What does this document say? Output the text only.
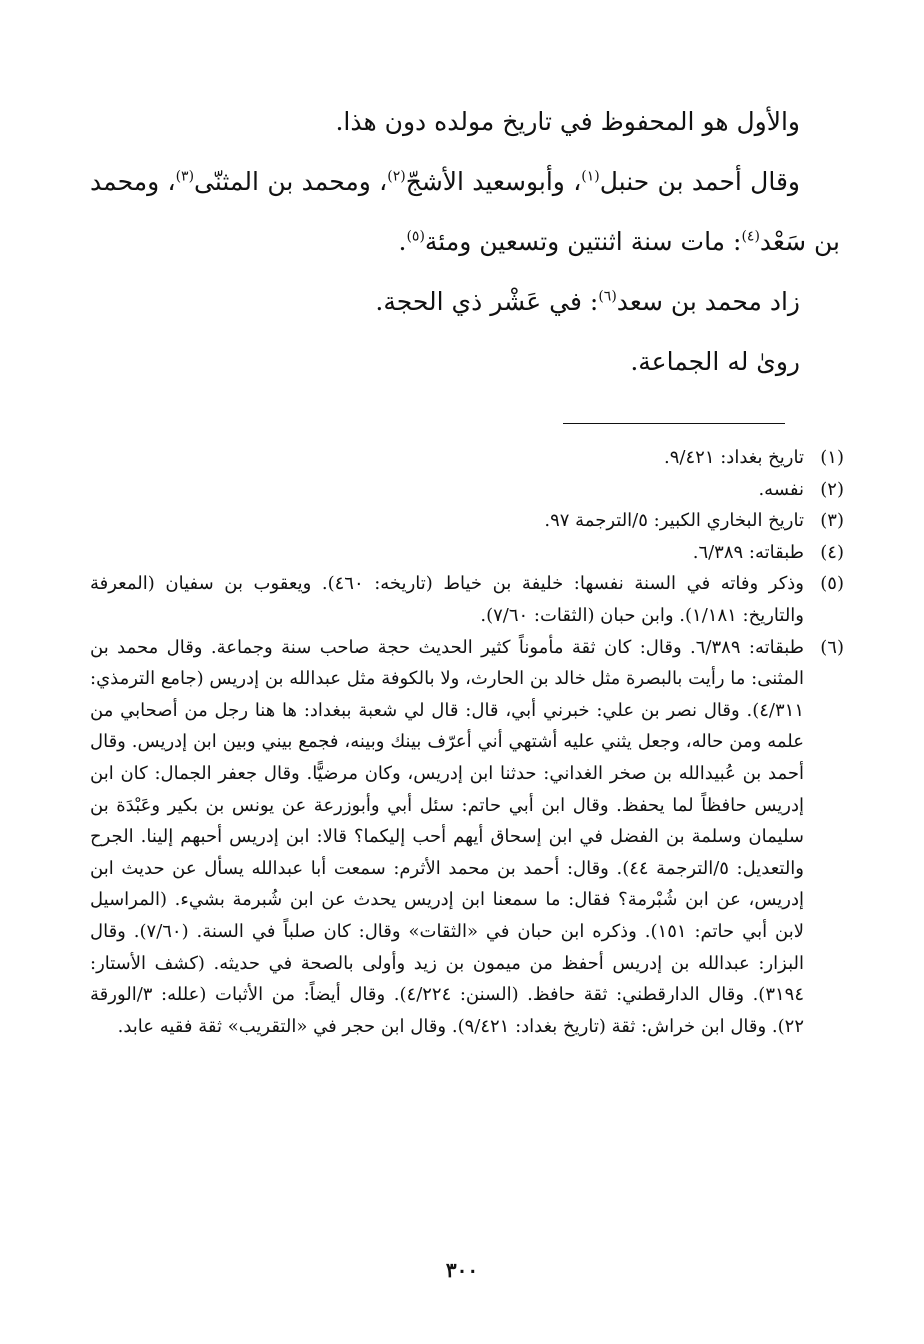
والأول هو المحفوظ في تاريخ مولده دون هذا.

وقال أحمد بن حنبل$^{(١)}$، وأبوسعيد الأشجّ$^{(٢)}$، ومحمد بن المثنّى$^{(٣)}$، ومحمد بن سَعْد$^{(٤)}$: مات سنة اثنتين وتسعين ومئة$^{(٥)}$.

زاد محمد بن سعد$^{(٦)}$: في عَشْر ذي الحجة.

روىٰ له الجماعة.

(١)
تاريخ بغداد: ٩/٤٢١.

(٢)
نفسه.

(٣)
تاريخ البخاري الكبير: ٥/الترجمة ٩٧.

(٤)
طبقاته: ٦/٣٨٩.

(٥)
وذكر وفاته في السنة نفسها: خليفة بن خياط (تاريخه: ٤٦٠). ويعقوب بن سفيان (المعرفة والتاريخ: ١/١٨١). وابن حبان (الثقات: ٧/٦٠).

(٦)
طبقاته: ٦/٣٨٩. وقال: كان ثقة مأموناً كثير الحديث حجة صاحب سنة وجماعة. وقال محمد بن المثنى: ما رأيت بالبصرة مثل خالد بن الحارث، ولا بالكوفة مثل عبدالله بن إدريس (جامع الترمذي: ٤/٣١١). وقال نصر بن علي: خبرني أبي، قال: قال لي شعبة ببغداد: ها هنا رجل من أصحابي من علمه ومن حاله، وجعل يثني عليه أشتهي أني أعرّف بينك وبينه، فجمع بيني وبين ابن إدريس. وقال أحمد بن عُبيدالله بن صخر الغداني: حدثنا ابن إدريس، وكان مرضيًّا. وقال جعفر الجمال: كان ابن إدريس حافظاً لما يحفظ. وقال ابن أبي حاتم: سئل أبي وأبوزرعة عن يونس بن بكير وعَبْدَة بن سليمان وسلمة بن الفضل في ابن إسحاق أيهم أحب إليكما؟ قالا: ابن إدريس أحبهم إلينا. الجرح والتعديل: ٥/الترجمة ٤٤). وقال: أحمد بن محمد الأثرم: سمعت أبا عبدالله يسأل عن حديث ابن إدريس، عن ابن شُبْرمة؟ فقال: ما سمعنا ابن إدريس يحدث عن ابن شُبرمة بشيء. (المراسيل لابن أبي حاتم: ١٥١). وذكره ابن حبان في «الثقات» وقال: كان صلباً في السنة. (٧/٦٠). وقال البزار: عبدالله بن إدريس أحفظ من ميمون بن زيد وأولى بالصحة في حديثه. (كشف الأستار: ٣١٩٤). وقال الدارقطني: ثقة حافظ. (السنن: ٤/٢٢٤). وقال أيضاً: من الأثبات (علله: ٣/الورقة ٢٢). وقال ابن خراش: ثقة (تاريخ بغداد: ٩/٤٢١). وقال ابن حجر في «التقريب» ثقة فقيه عابد.

٣٠٠
